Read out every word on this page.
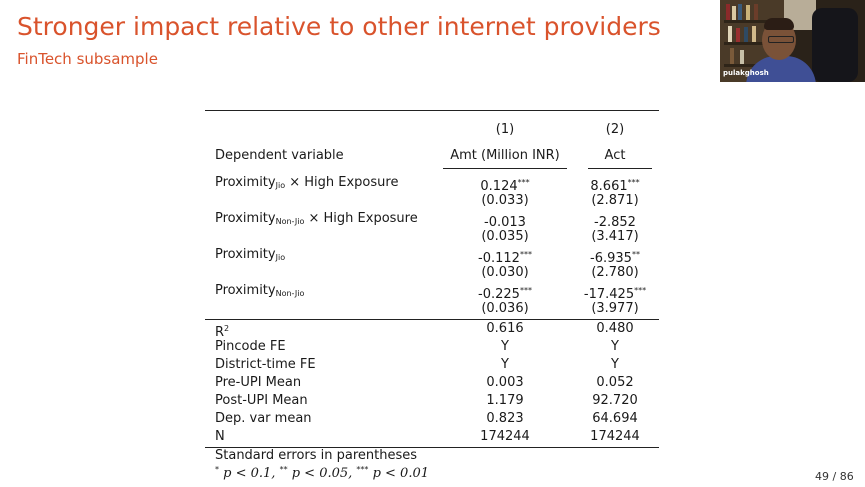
Stronger impact relative to other internet providers
FinTech subsample
pulakghosh
(1)	(2)
Dependent variable	Amt (Million INR)	Act
Proximity$_{Jio}$ × High Exposure	0.124***	8.661***
(0.033)	(2.871)
Proximity$_{Non-Jio}$ × High Exposure	-0.013	-2.852
(0.035)	(3.417)
Proximity$_{Jio}$	-0.112***	-6.935**
(0.030)	(2.780)
Proximity$_{Non-Jio}$	-0.225***	-17.425***
(0.036)	(3.977)
$R^2$	0.616	0.480
Pincode FE	Y	Y
District-time FE	Y	Y
Pre-UPI Mean	0.003	0.052
Post-UPI Mean	1.179	92.720
Dep. var mean	0.823	64.694
N	174244	174244
Standard errors in parentheses
* p < 0.1, ** p < 0.05, *** p < 0.01	49 / 86
